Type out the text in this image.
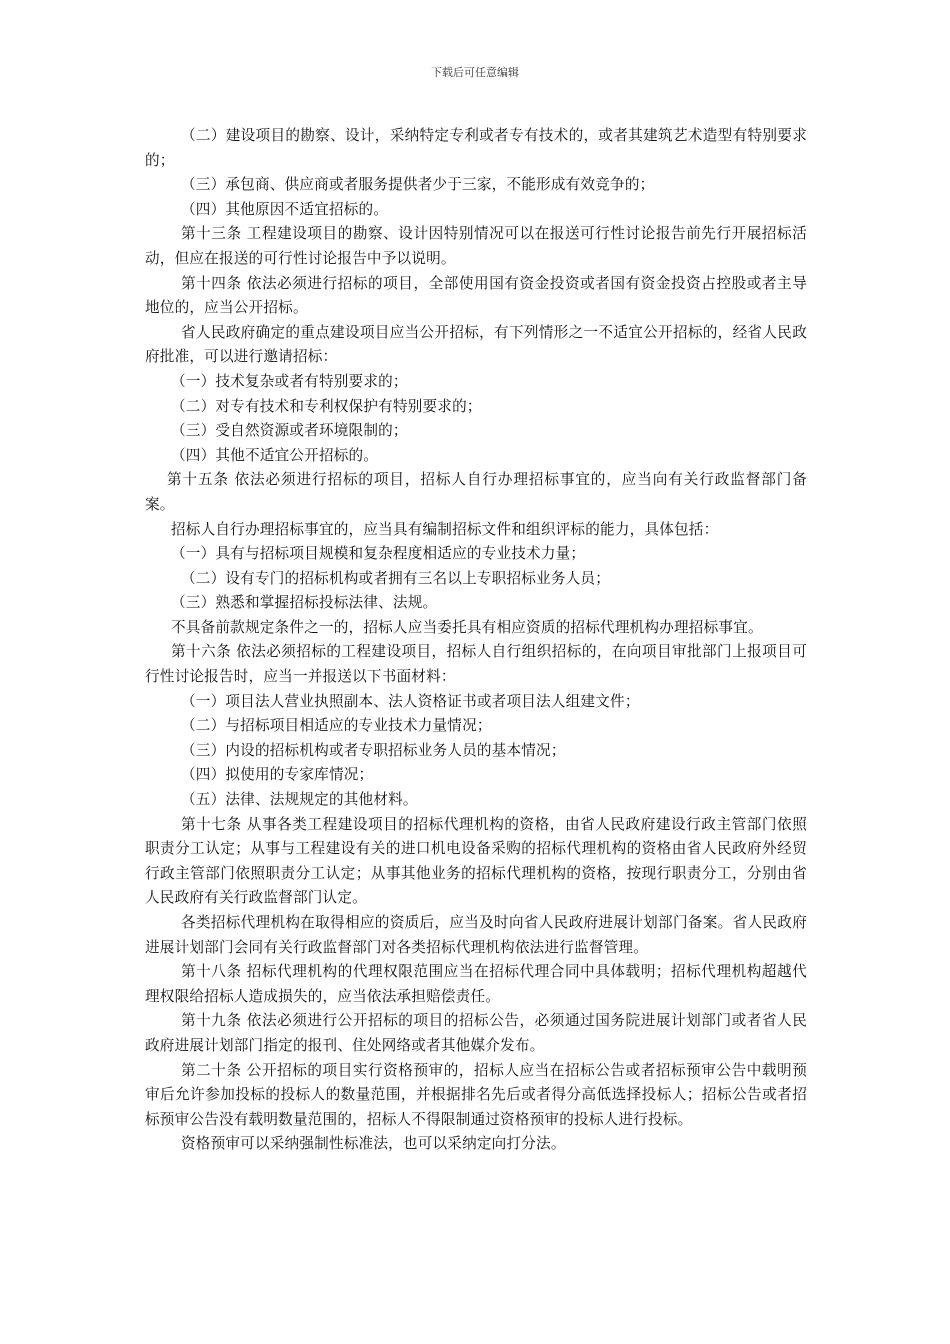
下载后可任意编辑

（二）建设项目的勘察、设计，采纳特定专利或者专有技术的，或者其建筑艺术造型有特别要求的；

（三）承包商、供应商或者服务提供者少于三家，不能形成有效竞争的；

（四）其他原因不适宜招标的。

第十三条 工程建设项目的勘察、设计因特别情况可以在报送可行性讨论报告前先行开展招标活动，但应在报送的可行性讨论报告中予以说明。

第十四条 依法必须进行招标的项目，全部使用国有资金投资或者国有资金投资占控股或者主导地位的，应当公开招标。

省人民政府确定的重点建设项目应当公开招标，有下列情形之一不适宜公开招标的，经省人民政府批准，可以进行邀请招标：

（一）技术复杂或者有特别要求的；

（二）对专有技术和专利权保护有特别要求的；

（三）受自然资源或者环境限制的；

（四）其他不适宜公开招标的。

第十五条 依法必须进行招标的项目，招标人自行办理招标事宜的，应当向有关行政监督部门备案。

招标人自行办理招标事宜的，应当具有编制招标文件和组织评标的能力，具体包括：

（一）具有与招标项目规模和复杂程度相适应的专业技术力量；

（二）设有专门的招标机构或者拥有三名以上专职招标业务人员；

（三）熟悉和掌握招标投标法律、法规。

不具备前款规定条件之一的，招标人应当委托具有相应资质的招标代理机构办理招标事宜。

第十六条 依法必须招标的工程建设项目，招标人自行组织招标的，在向项目审批部门上报项目可行性讨论报告时，应当一并报送以下书面材料：

（一）项目法人营业执照副本、法人资格证书或者项目法人组建文件；

（二）与招标项目相适应的专业技术力量情况；

（三）内设的招标机构或者专职招标业务人员的基本情况；

（四）拟使用的专家库情况；

（五）法律、法规规定的其他材料。

第十七条 从事各类工程建设项目的招标代理机构的资格，由省人民政府建设行政主管部门依照职责分工认定；从事与工程建设有关的进口机电设备采购的招标代理机构的资格由省人民政府外经贸行政主管部门依照职责分工认定；从事其他业务的招标代理机构的资格，按现行职责分工，分别由省人民政府有关行政监督部门认定。

各类招标代理机构在取得相应的资质后，应当及时向省人民政府进展计划部门备案。省人民政府进展计划部门会同有关行政监督部门对各类招标代理机构依法进行监督管理。

第十八条 招标代理机构的代理权限范围应当在招标代理合同中具体载明；招标代理机构超越代理权限给招标人造成损失的，应当依法承担赔偿责任。

第十九条 依法必须进行公开招标的项目的招标公告，必须通过国务院进展计划部门或者省人民政府进展计划部门指定的报刊、住处网络或者其他媒介发布。

第二十条 公开招标的项目实行资格预审的，招标人应当在招标公告或者招标预审公告中载明预审后允许参加投标的投标人的数量范围，并根据排名先后或者得分高低选择投标人；招标公告或者招标预审公告没有载明数量范围的，招标人不得限制通过资格预审的投标人进行投标。

资格预审可以采纳强制性标准法，也可以采纳定向打分法。
